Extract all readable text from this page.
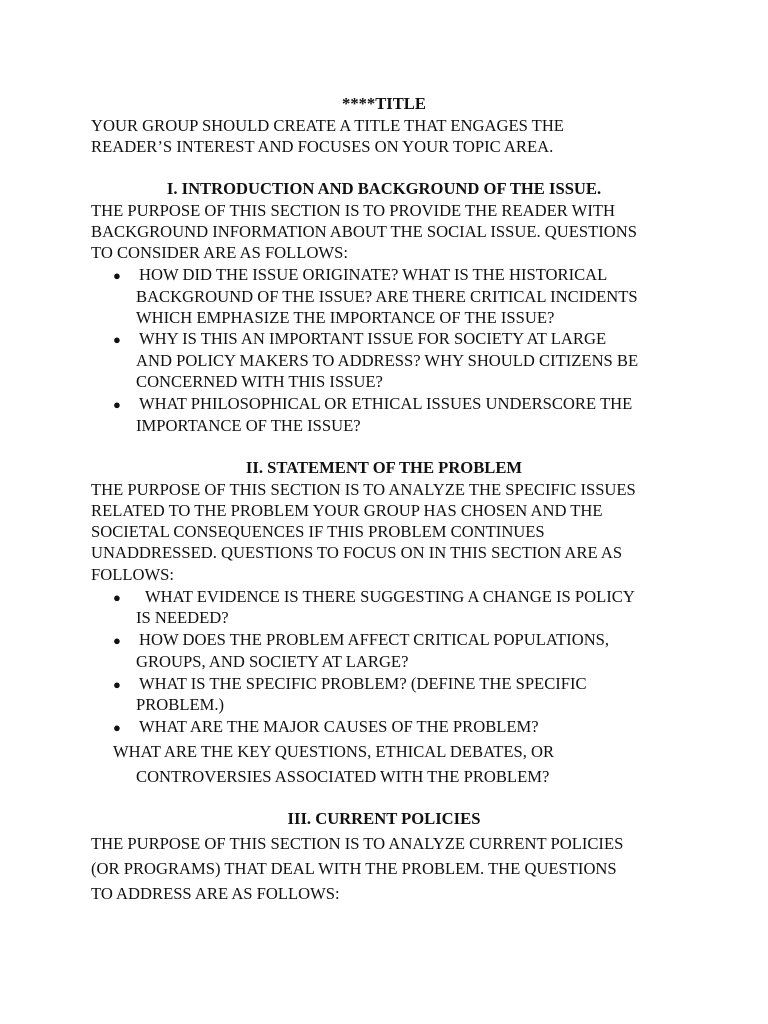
****TITLE
YOUR GROUP SHOULD CREATE A TITLE THAT ENGAGES THE
READER’S INTEREST AND FOCUSES ON YOUR TOPIC AREA.
I. INTRODUCTION AND BACKGROUND OF THE ISSUE.
THE PURPOSE OF THIS SECTION IS TO PROVIDE THE READER WITH
BACKGROUND INFORMATION ABOUT THE SOCIAL ISSUE. QUESTIONS
TO CONSIDER ARE AS FOLLOWS:
● HOW DID THE ISSUE ORIGINATE? WHAT IS THE HISTORICAL
BACKGROUND OF THE ISSUE? ARE THERE CRITICAL INCIDENTS
WHICH EMPHASIZE THE IMPORTANCE OF THE ISSUE?
● WHY IS THIS AN IMPORTANT ISSUE FOR SOCIETY AT LARGE
AND POLICY MAKERS TO ADDRESS? WHY SHOULD CITIZENS BE
CONCERNED WITH THIS ISSUE?
● WHAT PHILOSOPHICAL OR ETHICAL ISSUES UNDERSCORE THE
IMPORTANCE OF THE ISSUE?
II. STATEMENT OF THE PROBLEM
THE PURPOSE OF THIS SECTION IS TO ANALYZE THE SPECIFIC ISSUES
RELATED TO THE PROBLEM YOUR GROUP HAS CHOSEN AND THE
SOCIETAL CONSEQUENCES IF THIS PROBLEM CONTINUES
UNADDRESSED. QUESTIONS TO FOCUS ON IN THIS SECTION ARE AS
FOLLOWS:
● WHAT EVIDENCE IS THERE SUGGESTING A CHANGE IS POLICY
IS NEEDED?
● HOW DOES THE PROBLEM AFFECT CRITICAL POPULATIONS,
GROUPS, AND SOCIETY AT LARGE?
● WHAT IS THE SPECIFIC PROBLEM? (DEFINE THE SPECIFIC
PROBLEM.)
● WHAT ARE THE MAJOR CAUSES OF THE PROBLEM?
WHAT ARE THE KEY QUESTIONS, ETHICAL DEBATES, OR
CONTROVERSIES ASSOCIATED WITH THE PROBLEM?
III. CURRENT POLICIES
THE PURPOSE OF THIS SECTION IS TO ANALYZE CURRENT POLICIES
(OR PROGRAMS) THAT DEAL WITH THE PROBLEM. THE QUESTIONS
TO ADDRESS ARE AS FOLLOWS:
